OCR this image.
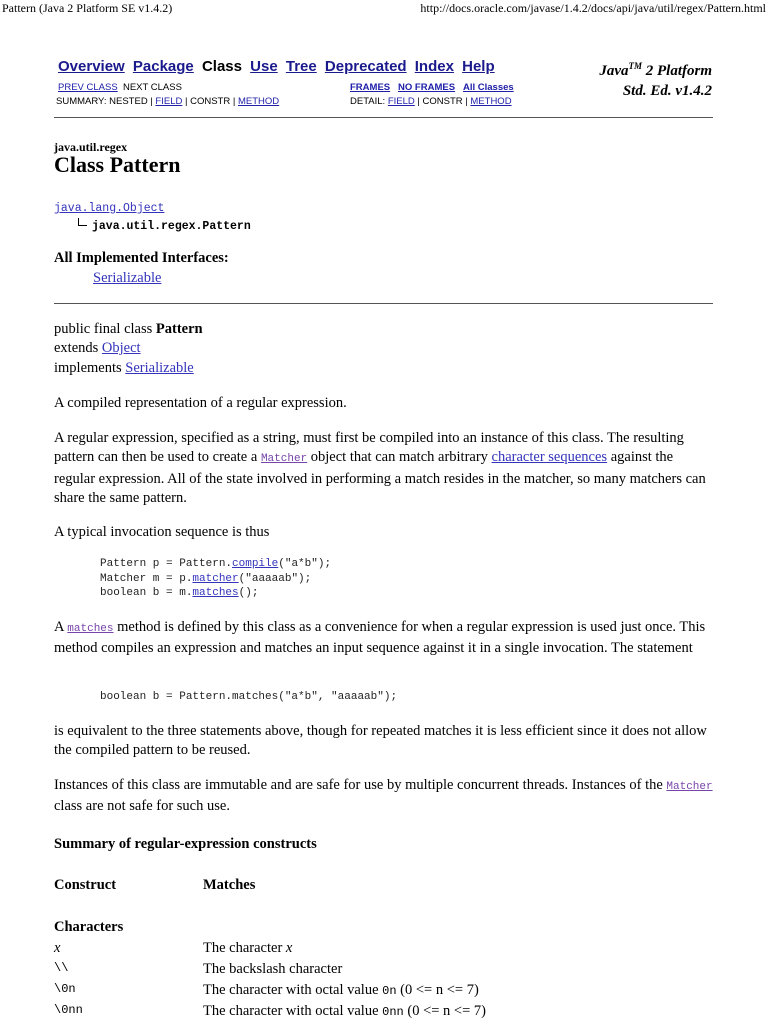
Pattern (Java 2 Platform SE v1.4.2)	http://docs.oracle.com/javase/1.4.2/docs/api/java/util/regex/Pattern.html
Overview Package Class Use Tree Deprecated Index Help
PREV CLASS NEXT CLASS	FRAMES NO FRAMES All Classes
SUMMARY: NESTED | FIELD | CONSTR | METHOD	DETAIL: FIELD | CONSTR | METHOD
Java™ 2 Platform
Std. Ed. v1.4.2
java.util.regex
Class Pattern
java.lang.Object
java.util.regex.Pattern
All Implemented Interfaces:
Serializable
public final class Pattern
extends Object
implements Serializable
A compiled representation of a regular expression.
A regular expression, specified as a string, must first be compiled into an instance of this class. The resulting pattern can then be used to create a Matcher object that can match arbitrary character sequences against the regular expression. All of the state involved in performing a match resides in the matcher, so many matchers can share the same pattern.
A typical invocation sequence is thus
Pattern p = Pattern.compile("a*b");
Matcher m = p.matcher("aaaaab");
boolean b = m.matches();
A matches method is defined by this class as a convenience for when a regular expression is used just once. This method compiles an expression and matches an input sequence against it in a single invocation. The statement
boolean b = Pattern.matches("a*b", "aaaaab");
is equivalent to the three statements above, though for repeated matches it is less efficient since it does not allow the compiled pattern to be reused.
Instances of this class are immutable and are safe for use by multiple concurrent threads. Instances of the Matcher class are not safe for such use.
Summary of regular-expression constructs
Construct	Matches
Characters
x	The character x
\\	The backslash character
\0n	The character with octal value 0n (0 <= n <= 7)
\0nn	The character with octal value 0nn (0 <= n <= 7)
